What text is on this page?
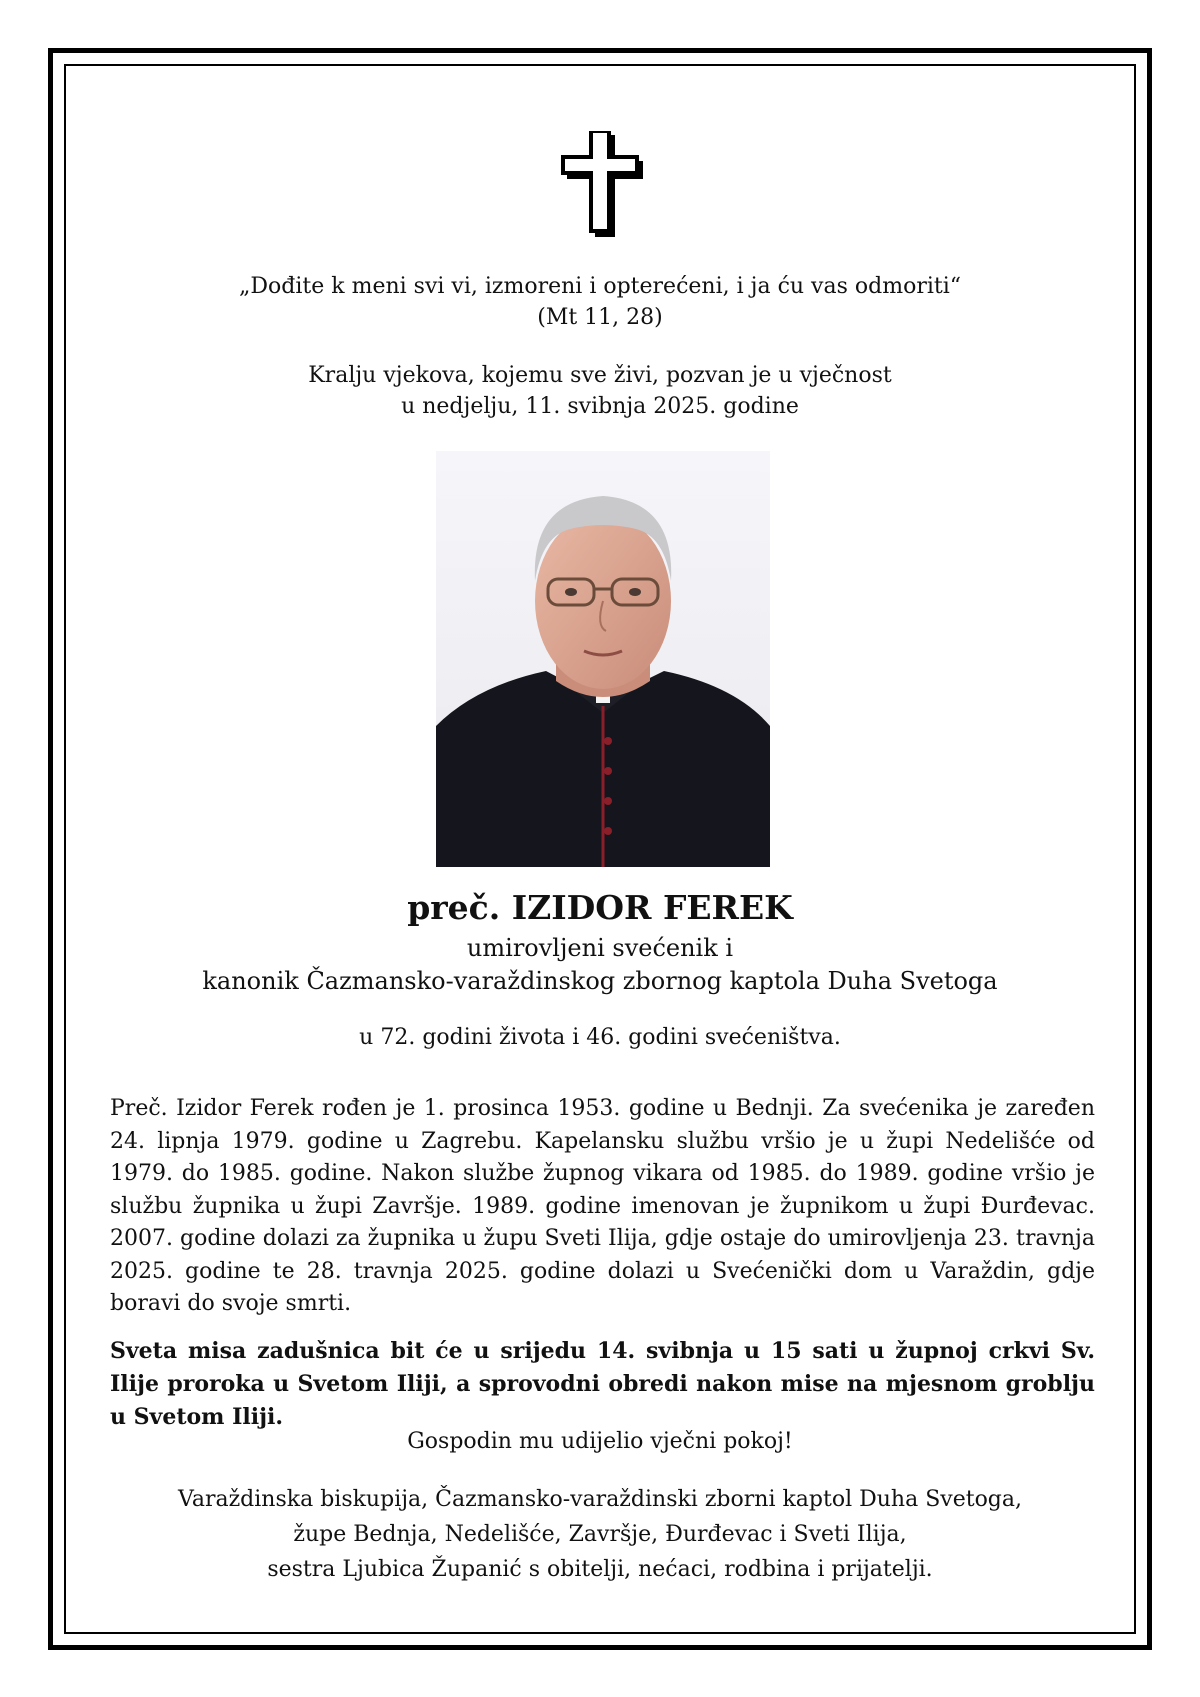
„Dođite k meni svi vi, izmoreni i opterećeni, i ja ću vas odmoriti“
(Mt 11, 28)
Kralju vjekova, kojemu sve živi, pozvan je u vječnost
u nedjelju, 11. svibnja 2025. godine
preč. IZIDOR FEREK
umirovljeni svećenik i
kanonik Čazmansko-varaždinskog zbornog kaptola Duha Svetoga
u 72. godini života i 46. godini svećeništva.
Preč. Izidor Ferek rođen je 1. prosinca 1953. godine u Bednji. Za svećenika je zaređen 24. lipnja 1979. godine u Zagrebu. Kapelansku službu vršio je u župi Nedelišće od 1979. do 1985. godine. Nakon službe župnog vikara od 1985. do 1989. godine vršio je službu župnika u župi Završje. 1989. godine imenovan je župnikom u župi Đurđevac. 2007. godine dolazi za župnika u župu Sveti Ilija, gdje ostaje do umirovljenja 23. travnja 2025. godine te 28. travnja 2025. godine dolazi u Svećenički dom u Varaždin, gdje boravi do svoje smrti.
Sveta misa zadušnica bit će u srijedu 14. svibnja u 15 sati u župnoj crkvi Sv. Ilije proroka u Svetom Iliji, a sprovodni obredi nakon mise na mjesnom groblju u Svetom Iliji.
Gospodin mu udijelio vječni pokoj!
Varaždinska biskupija, Čazmansko-varaždinski zborni kaptol Duha Svetoga,
župe Bednja, Nedelišće, Završje, Đurđevac i Sveti Ilija,
sestra Ljubica Županić s obitelji, nećaci, rodbina i prijatelji.
